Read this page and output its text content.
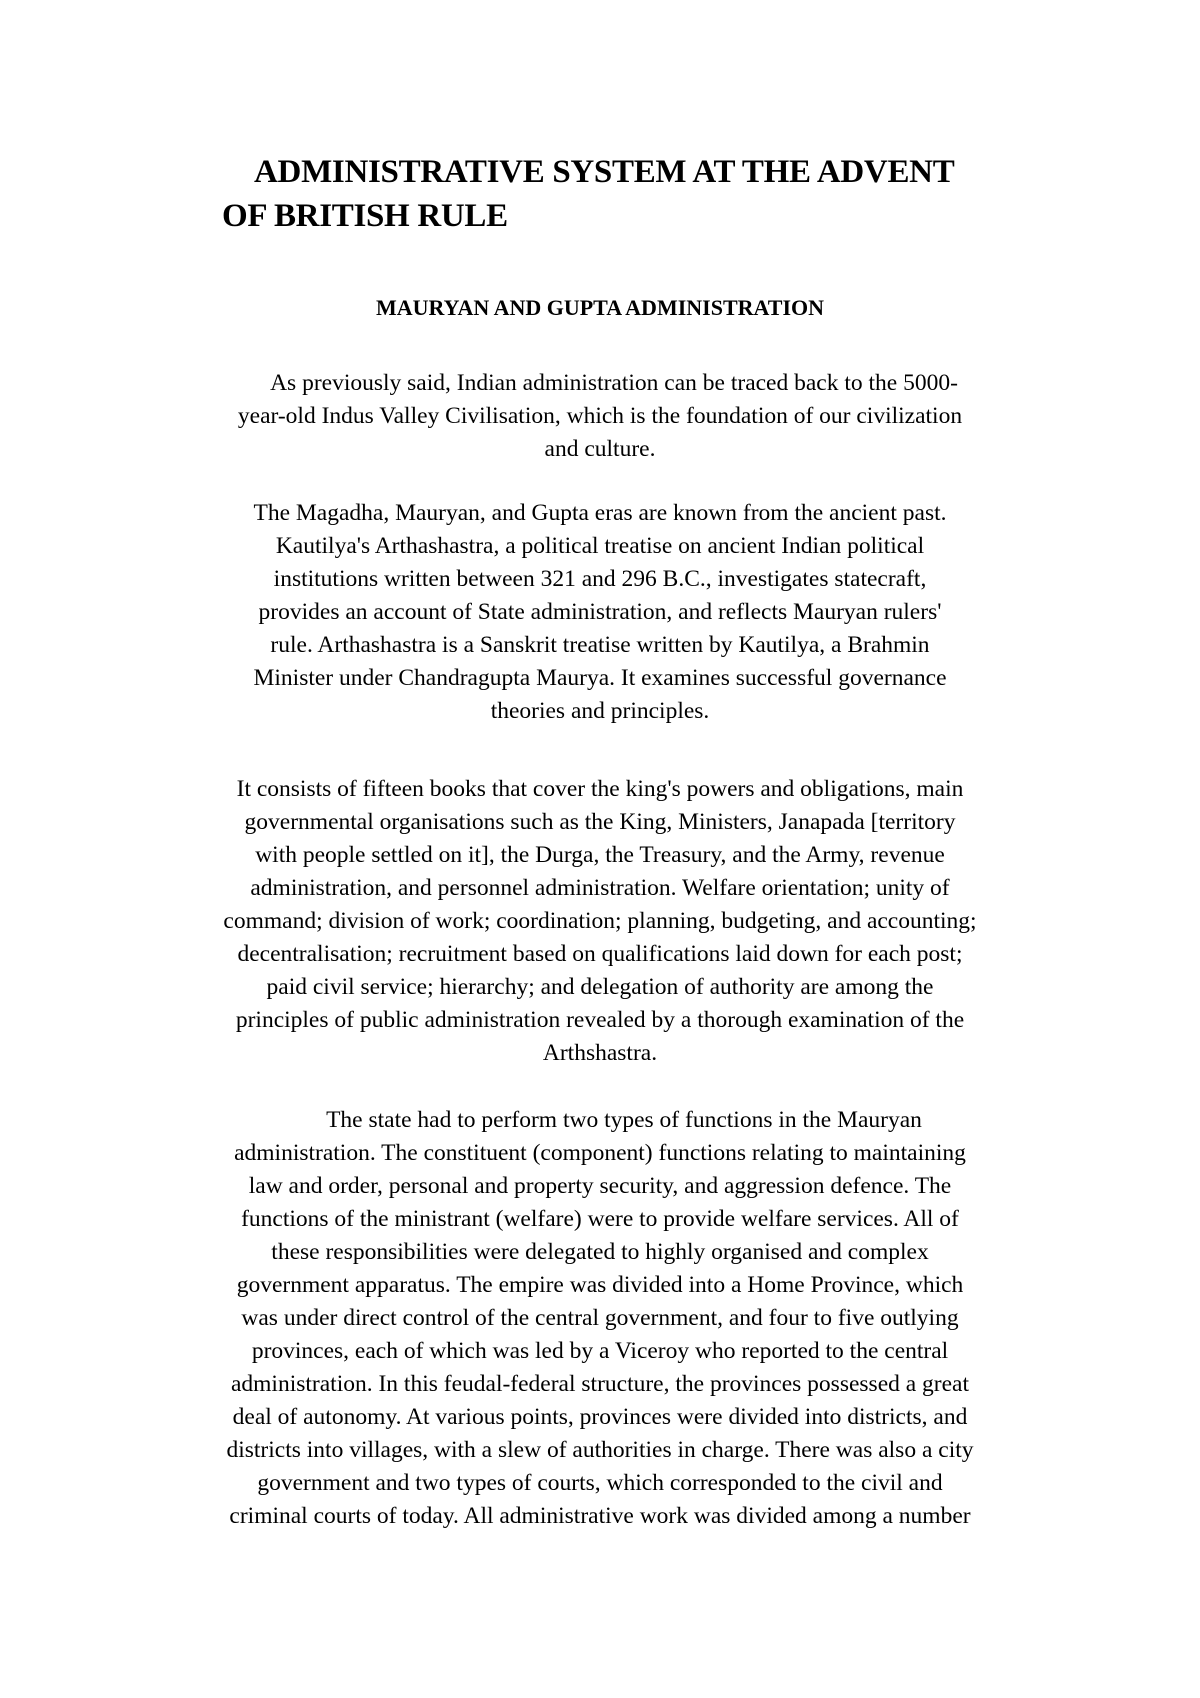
ADMINISTRATIVE SYSTEM AT THE ADVENT
OF BRITISH RULE
MAURYAN AND GUPTA ADMINISTRATION

As previously said, Indian administration can be traced back to the 5000-
year-old Indus Valley Civilisation, which is the foundation of our civilization
and culture.

The Magadha, Mauryan, and Gupta eras are known from the ancient past.
Kautilya's Arthashastra, a political treatise on ancient Indian political
institutions written between 321 and 296 B.C., investigates statecraft,
provides an account of State administration, and reflects Mauryan rulers'
rule. Arthashastra is a Sanskrit treatise written by Kautilya, a Brahmin
Minister under Chandragupta Maurya. It examines successful governance
theories and principles.

It consists of fifteen books that cover the king's powers and obligations, main
governmental organisations such as the King, Ministers, Janapada [territory
with people settled on it], the Durga, the Treasury, and the Army, revenue
administration, and personnel administration. Welfare orientation; unity of
command; division of work; coordination; planning, budgeting, and accounting;
decentralisation; recruitment based on qualifications laid down for each post;
paid civil service; hierarchy; and delegation of authority are among the
principles of public administration revealed by a thorough examination of the
Arthshastra.

The state had to perform two types of functions in the Mauryan
administration. The constituent (component) functions relating to maintaining
law and order, personal and property security, and aggression defence. The
functions of the ministrant (welfare) were to provide welfare services. All of
these responsibilities were delegated to highly organised and complex
government apparatus. The empire was divided into a Home Province, which
was under direct control of the central government, and four to five outlying
provinces, each of which was led by a Viceroy who reported to the central
administration. In this feudal-federal structure, the provinces possessed a great
deal of autonomy. At various points, provinces were divided into districts, and
districts into villages, with a slew of authorities in charge. There was also a city
government and two types of courts, which corresponded to the civil and
criminal courts of today. All administrative work was divided among a number
